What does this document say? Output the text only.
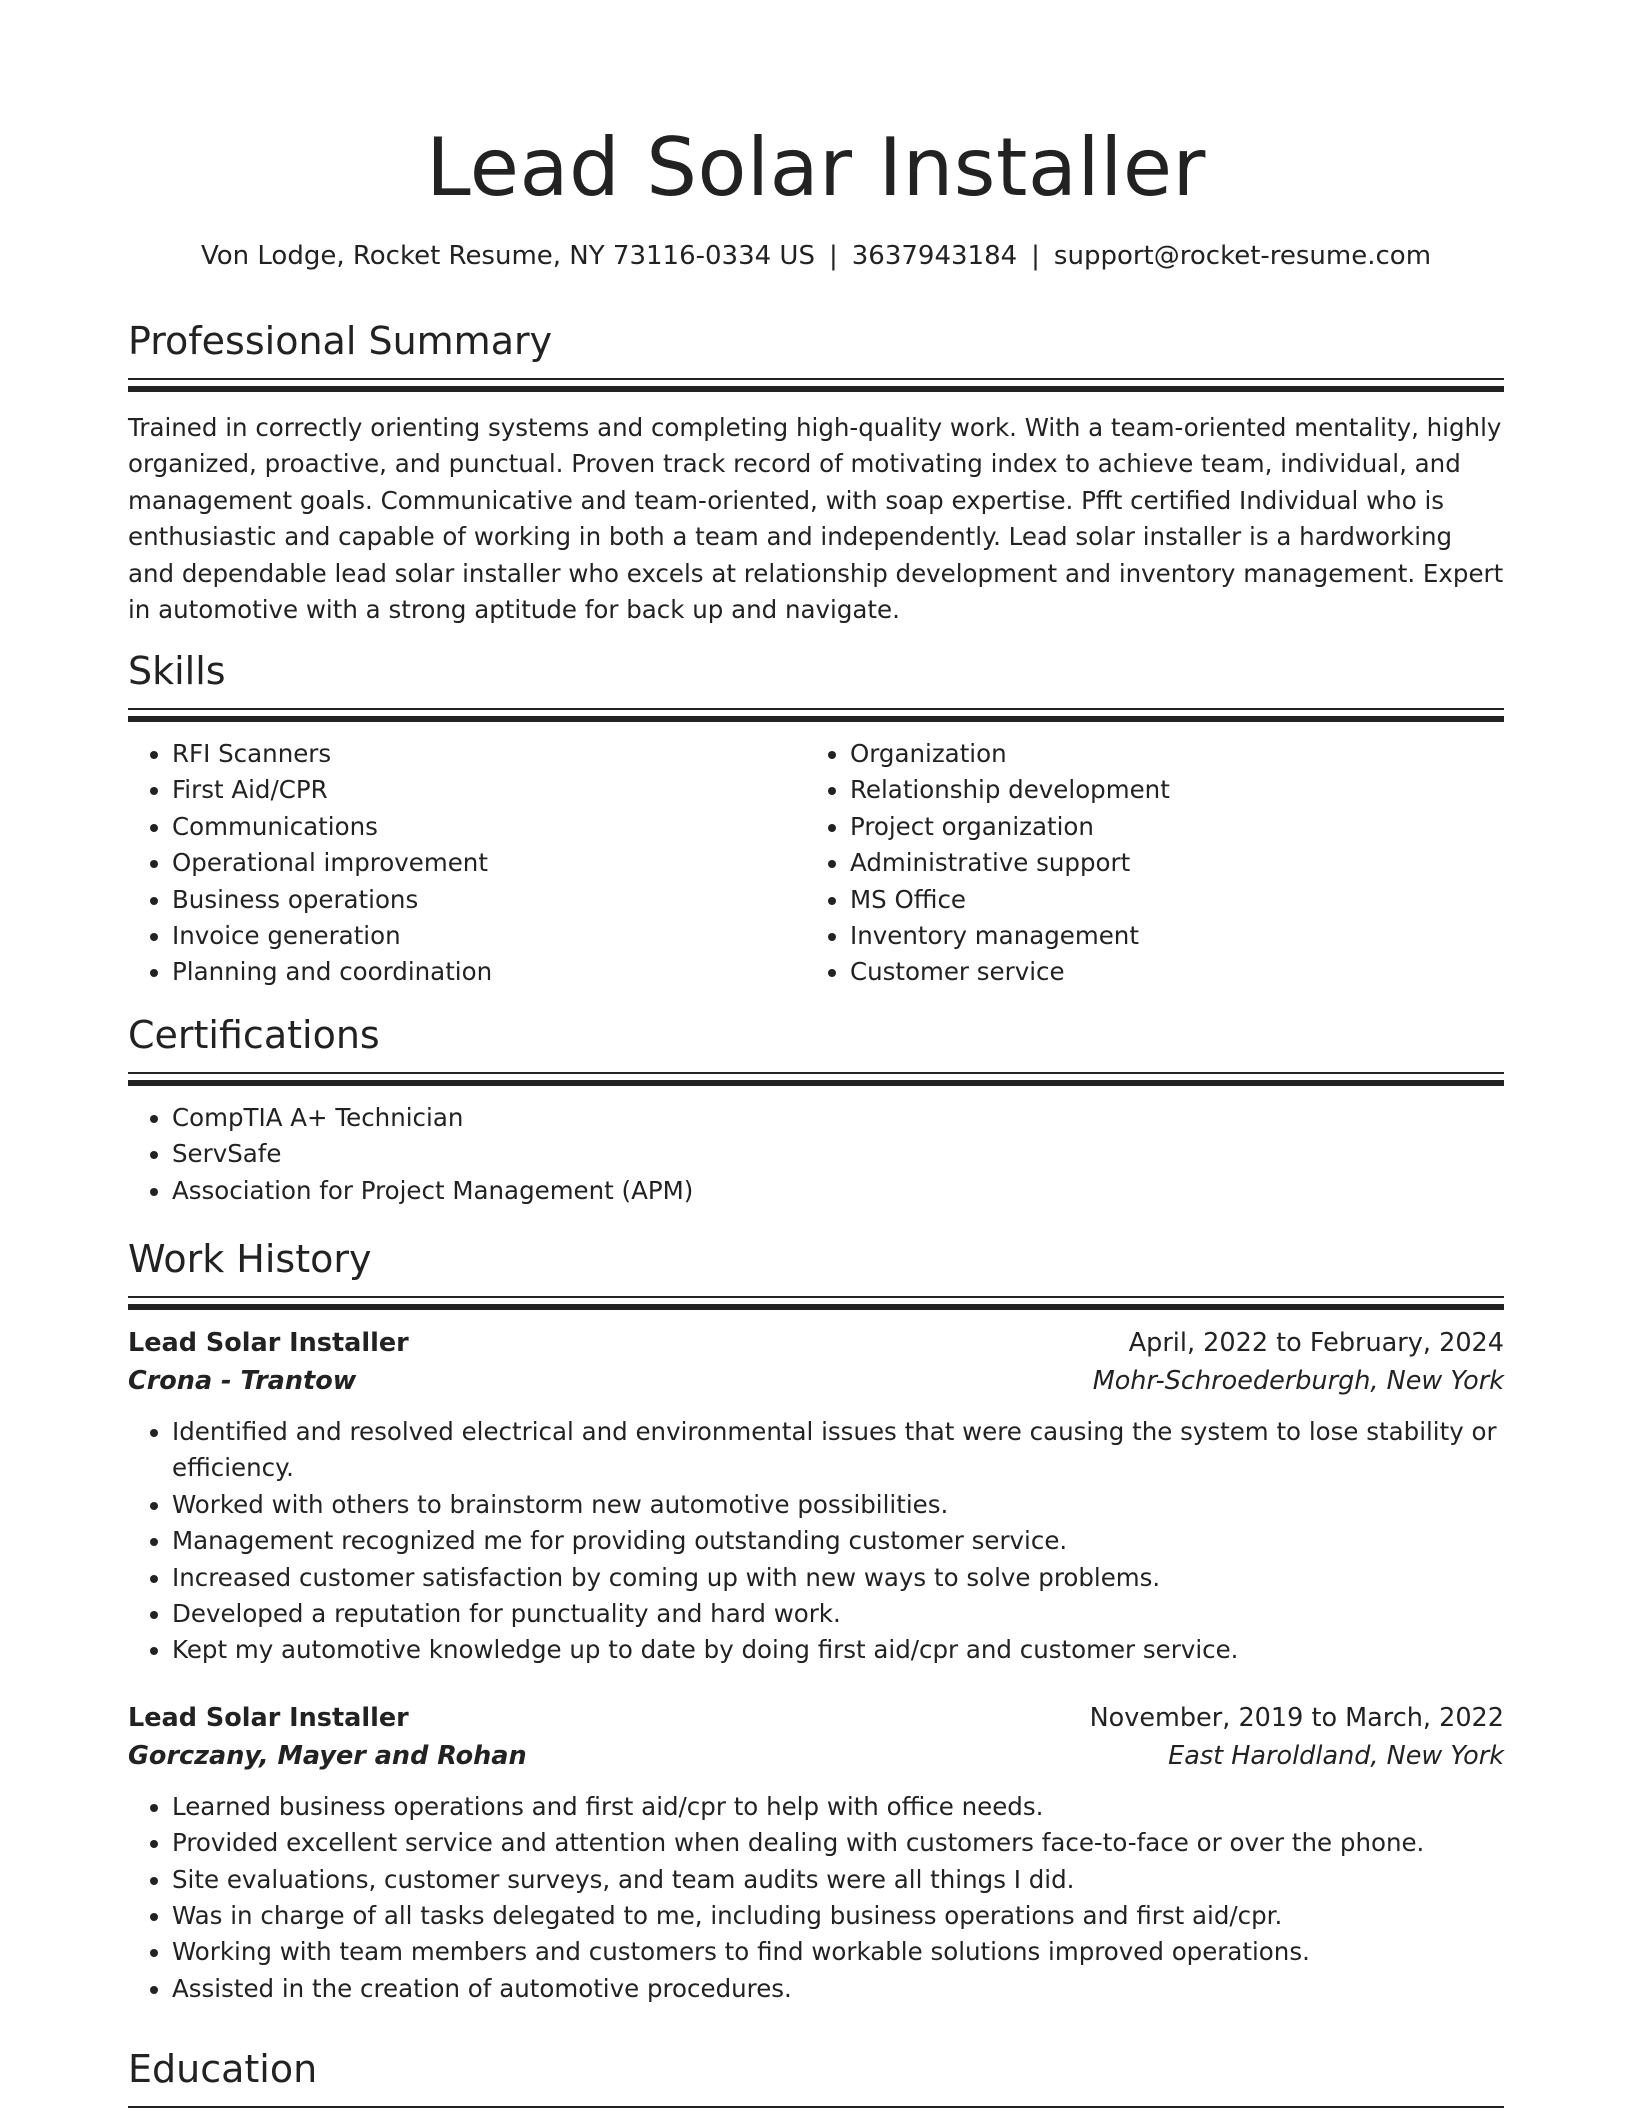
Lead Solar Installer
Von Lodge, Rocket Resume, NY 73116-0334 US | 3637943184 | support@rocket-resume.com
Professional Summary

Trained in correctly orienting systems and completing high-quality work. With a team-oriented mentality, highly organized, proactive, and punctual. Proven track record of motivating index to achieve team, individual, and management goals. Communicative and team-oriented, with soap expertise. Pfft certified Individual who is enthusiastic and capable of working in both a team and independently. Lead solar installer is a hardworking and dependable lead solar installer who excels at relationship development and inventory management. Expert in automotive with a strong aptitude for back up and navigate.

Skills
• RFI Scanners
• First Aid/CPR
• Communications
• Operational improvement
• Business operations
• Invoice generation
• Planning and coordination
• Organization
• Relationship development
• Project organization
• Administrative support
• MS Office
• Inventory management
• Customer service
Certifications
• CompTIA A+ Technician
• ServSafe
• Association for Project Management (APM)
Work History
Lead Solar Installer	April, 2022 to February, 2024
Crona - Trantow	Mohr-Schroederburgh, New York
• Identified and resolved electrical and environmental issues that were causing the system to lose stability or efficiency.
• Worked with others to brainstorm new automotive possibilities.
• Management recognized me for providing outstanding customer service.
• Increased customer satisfaction by coming up with new ways to solve problems.
• Developed a reputation for punctuality and hard work.
• Kept my automotive knowledge up to date by doing first aid/cpr and customer service.
Lead Solar Installer	November, 2019 to March, 2022
Gorczany, Mayer and Rohan	East Haroldland, New York
• Learned business operations and first aid/cpr to help with office needs.
• Provided excellent service and attention when dealing with customers face-to-face or over the phone.
• Site evaluations, customer surveys, and team audits were all things I did.
• Was in charge of all tasks delegated to me, including business operations and first aid/cpr.
• Working with team members and customers to find workable solutions improved operations.
• Assisted in the creation of automotive procedures.
Education
